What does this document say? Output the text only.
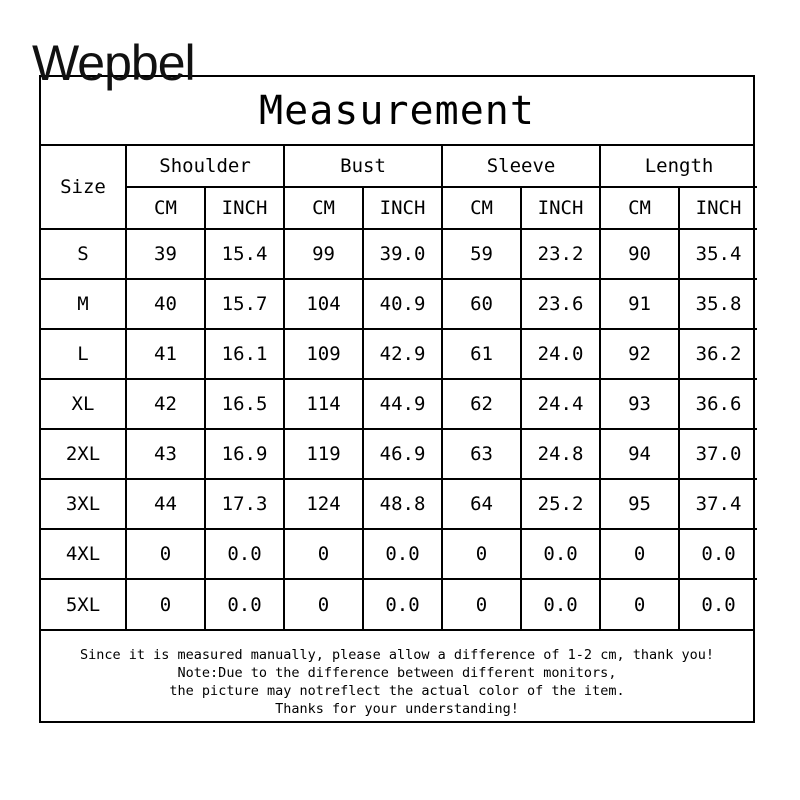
Wepbel
Measurement
Size	Shoulder		Bust		Sleeve		Length	
	CM	INCH	CM	INCH	CM	INCH	CM	INCH
S	39	15.4	99	39.0	59	23.2	90	35.4
M	40	15.7	104	40.9	60	23.6	91	35.8
L	41	16.1	109	42.9	61	24.0	92	36.2
XL	42	16.5	114	44.9	62	24.4	93	36.6
2XL	43	16.9	119	46.9	63	24.8	94	37.0
3XL	44	17.3	124	48.8	64	25.2	95	37.4
4XL	0	0.0	0	0.0	0	0.0	0	0.0
5XL	0	0.0	0	0.0	0	0.0	0	0.0
Since it is measured manually, please allow a difference of 1-2 cm, thank you!
Note:Due to the difference between different monitors,
the picture may notreflect the actual color of the item.
Thanks for your understanding!
